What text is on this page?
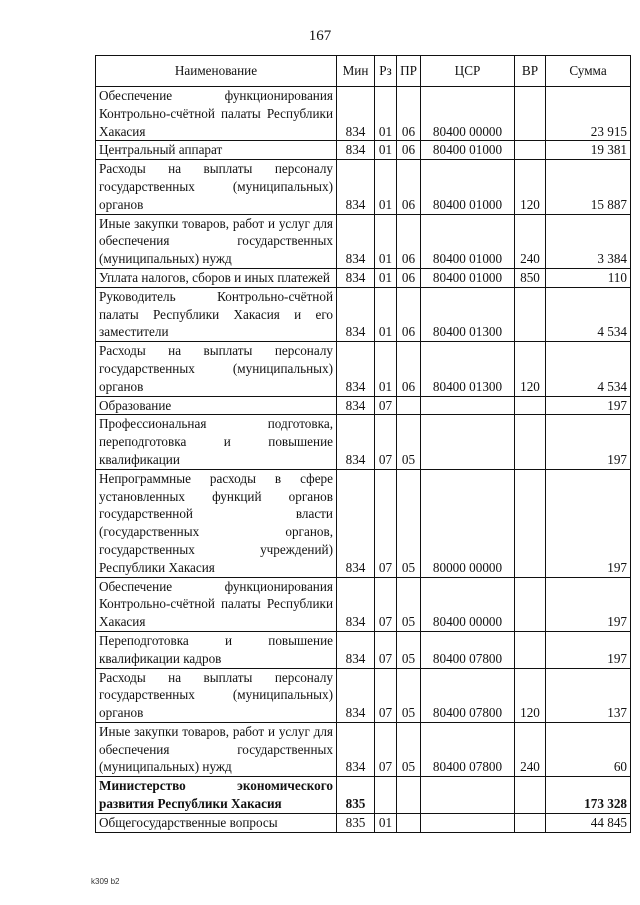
167
Наименование	Мин	Рз	ПР	ЦСР	ВР	Сумма
Обеспечение функционирования Контрольно-счётной палаты Республики Хакасия	834	01	06	80400 00000		23 915
Центральный аппарат	834	01	06	80400 01000		19 381
Расходы на выплаты персоналу государственных (муниципальных) органов	834	01	06	80400 01000	120	15 887
Иные закупки товаров, работ и услуг для обеспечения государственных (муниципальных) нужд	834	01	06	80400 01000	240	3 384
Уплата налогов, сборов и иных платежей	834	01	06	80400 01000	850	110
Руководитель Контрольно-счётной палаты Республики Хакасия и его заместители	834	01	06	80400 01300		4 534
Расходы на выплаты персоналу государственных (муниципальных) органов	834	01	06	80400 01300	120	4 534
Образование	834	07				197
Профессиональная подготовка, переподготовка и повышение квалификации	834	07	05			197
Непрограммные расходы в сфере установленных функций органов государственной власти (государственных органов, государственных учреждений) Республики Хакасия	834	07	05	80000 00000		197
Обеспечение функционирования Контрольно-счётной палаты Республики Хакасия	834	07	05	80400 00000		197
Переподготовка и повышение квалификации кадров	834	07	05	80400 07800		197
Расходы на выплаты персоналу государственных (муниципальных) органов	834	07	05	80400 07800	120	137
Иные закупки товаров, работ и услуг для обеспечения государственных (муниципальных) нужд	834	07	05	80400 07800	240	60
Министерство экономического развития Республики Хакасия	835					173 328
Общегосударственные вопросы	835	01				44 845
k309 b2
